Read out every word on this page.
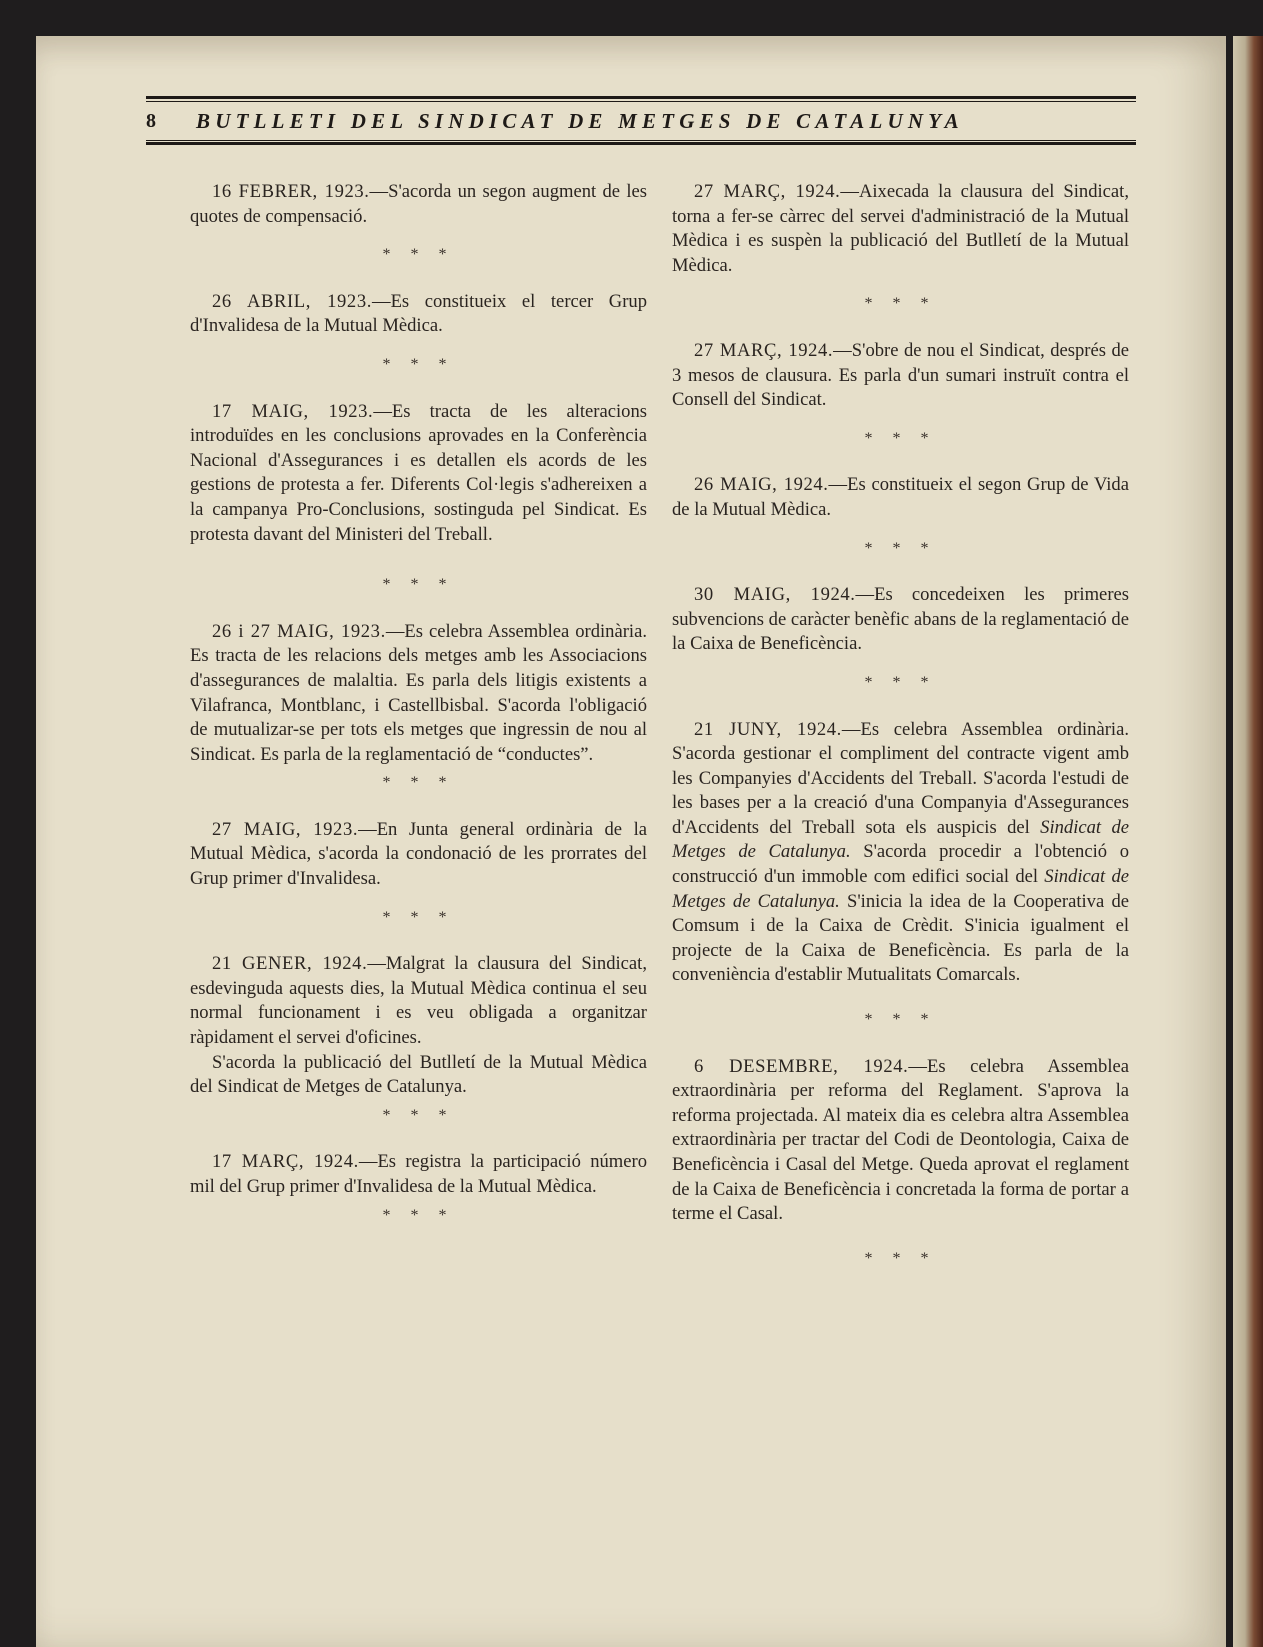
8	BUTLLETI DEL SINDICAT DE METGES DE CATALUNYA

16 FEBRER, 1923.—S'acorda un segon augment de les quotes de compensació.

* * *

26 ABRIL, 1923.—Es constitueix el tercer Grup d'Invalidesa de la Mutual Mèdica.

* * *

17 MAIG, 1923.—Es tracta de les alteracions introduïdes en les conclusions aprovades en la Conferència Nacional d'Assegurances i es detallen els acords de les gestions de protesta a fer. Diferents Col·legis s'adhereixen a la campanya Pro-Conclusions, sostinguda pel Sindicat. Es protesta davant del Ministeri del Treball.

* * *

26 i 27 MAIG, 1923.—Es celebra Assemblea ordinària. Es tracta de les relacions dels metges amb les Associacions d'assegurances de malaltia. Es parla dels litigis existents a Vilafranca, Montblanc, i Castellbisbal. S'acorda l'obligació de mutualizar-se per tots els metges que ingressin de nou al Sindicat. Es parla de la reglamentació de “conductes”.

* * *

27 MAIG, 1923.—En Junta general ordinària de la Mutual Mèdica, s'acorda la condonació de les prorrates del Grup primer d'Invalidesa.

* * *

21 GENER, 1924.—Malgrat la clausura del Sindicat, esdevinguda aquests dies, la Mutual Mèdica continua el seu normal funcionament i es veu obligada a organitzar ràpidament el servei d'oficines.

S'acorda la publicació del Butlletí de la Mutual Mèdica del Sindicat de Metges de Catalunya.

* * *

17 MARÇ, 1924.—Es registra la participació número mil del Grup primer d'Invalidesa de la Mutual Mèdica.

* * *

27 MARÇ, 1924.—Aixecada la clausura del Sindicat, torna a fer-se càrrec del servei d'administració de la Mutual Mèdica i es suspèn la publicació del Butlletí de la Mutual Mèdica.

* * *

27 MARÇ, 1924.—S'obre de nou el Sindicat, després de 3 mesos de clausura. Es parla d'un sumari instruït contra el Consell del Sindicat.

* * *

26 MAIG, 1924.—Es constitueix el segon Grup de Vida de la Mutual Mèdica.

* * *

30 MAIG, 1924.—Es concedeixen les primeres subvencions de caràcter benèfic abans de la reglamentació de la Caixa de Beneficència.

* * *

21 JUNY, 1924.—Es celebra Assemblea ordinària. S'acorda gestionar el compliment del contracte vigent amb les Companyies d'Accidents del Treball. S'acorda l'estudi de les bases per a la creació d'una Companyia d'Assegurances d'Accidents del Treball sota els auspicis del Sindicat de Metges de Catalunya. S'acorda procedir a l'obtenció o construcció d'un immoble com edifici social del Sindicat de Metges de Catalunya. S'inicia la idea de la Cooperativa de Comsum i de la Caixa de Crèdit. S'inicia igualment el projecte de la Caixa de Beneficència. Es parla de la conveniència d'establir Mutualitats Comarcals.

* * *

6 DESEMBRE, 1924.—Es celebra Assemblea extraordinària per reforma del Reglament. S'aprova la reforma projectada. Al mateix dia es celebra altra Assemblea extraordinària per tractar del Codi de Deontologia, Caixa de Beneficència i Casal del Metge. Queda aprovat el reglament de la Caixa de Beneficència i concretada la forma de portar a terme el Casal.

* * *
